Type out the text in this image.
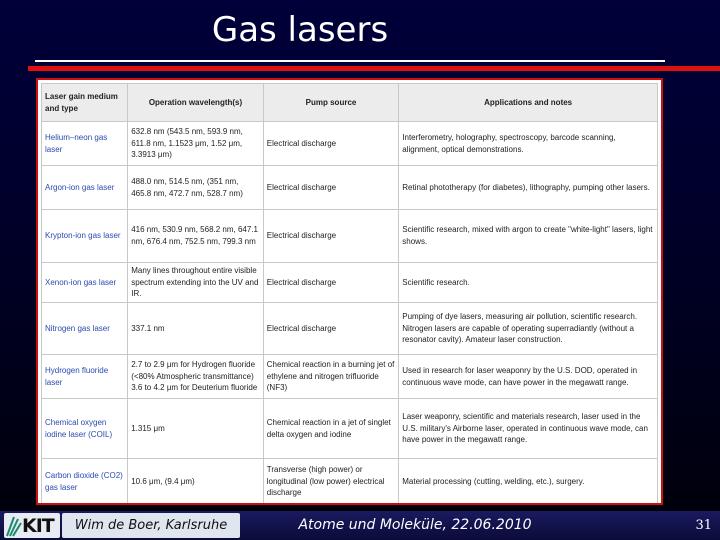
Gas lasers
Laser gain medium and type	Operation wavelength(s)	Pump source	Applications and notes
Helium–neon gas laser	632.8 nm (543.5 nm, 593.9 nm, 611.8 nm, 1.1523 μm, 1.52 μm, 3.3913 μm)	Electrical discharge	Interferometry, holography, spectroscopy, barcode scanning, alignment, optical demonstrations.
Argon-ion gas laser	488.0 nm, 514.5 nm, (351 nm, 465.8 nm, 472.7 nm, 528.7 nm)	Electrical discharge	Retinal phototherapy (for diabetes), lithography, pumping other lasers.
Krypton-ion gas laser	416 nm, 530.9 nm, 568.2 nm, 647.1 nm, 676.4 nm, 752.5 nm, 799.3 nm	Electrical discharge	Scientific research, mixed with argon to create "white-light" lasers, light shows.
Xenon-ion gas laser	Many lines throughout entire visible spectrum extending into the UV and IR.	Electrical discharge	Scientific research.
Nitrogen gas laser	337.1 nm	Electrical discharge	Pumping of dye lasers, measuring air pollution, scientific research. Nitrogen lasers are capable of operating superradiantly (without a resonator cavity). Amateur laser construction.
Hydrogen fluoride laser	2.7 to 2.9 μm for Hydrogen fluoride (<80% Atmospheric transmittance) 3.6 to 4.2 μm for Deuterium fluoride	Chemical reaction in a burning jet of ethylene and nitrogen trifluoride (NF3)	Used in research for laser weaponry by the U.S. DOD, operated in continuous wave mode, can have power in the megawatt range.
Chemical oxygen iodine laser (COIL)	1.315 μm	Chemical reaction in a jet of singlet delta oxygen and iodine	Laser weaponry, scientific and materials research, laser used in the U.S. military's Airborne laser, operated in continuous wave mode, can have power in the megawatt range.
Carbon dioxide (CO2) gas laser	10.6 μm, (9.4 μm)	Transverse (high power) or longitudinal (low power) electrical discharge	Material processing (cutting, welding, etc.), surgery.
KIT	Wim de Boer, Karlsruhe	Atome und Moleküle, 22.06.2010	31
